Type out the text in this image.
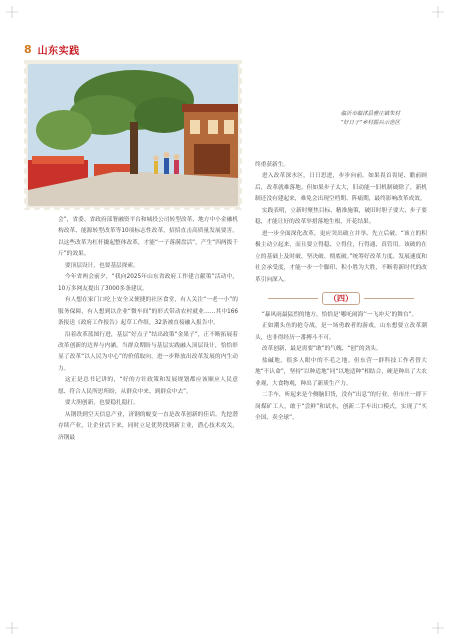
8 山东实践
临沂市临沭县曹庄镇朱村
“好日子”乡村振兴示范区

会”，省委、省政府部署融资平台和城投公司转型改革、地方中小金融机构改革、能源转型改革等10项标志性改革，招招直击高质量发展要害。以这些改革为杠杆撬起整体改革，才能“一子落满盘活”，产生“四两拨千斤”的效果。

要顶层设计，也要基层探索。

今年省两会前夕，“我向2025年山东省政府工作建言献策”活动中，10万多网友提出了3000多条建议。

有人想在家门口吃上安全又便捷的社区食堂，有人关注“一老一小”的服务保障，有人想到以企业“微车间”的形式带动农村就业……其中166条报送《政府工作报告》起草工作组，32条被直接融入报告中。

沿着改革蓝图行进，基层“好点子”结出政策“金果子”，正不断拓展着改革创新的边界与内涵。当群众期盼与基层实践融入顶层设计，恰恰彰显了改革“以人民为中心”的价值取向，进一步释放出改革发展的内生动力。

这正是总书记讲的，“好的方针政策和发展规划都应该顺应人民意愿、符合人民所思所盼，从群众中来、到群众中去”。

要大胆创新，也要稳扎稳打。

从钢铁到空天信息产业，济钢的蜕变一直是改革创新的佳话。先挖潜存续产业，让企业活下来，同时立足优势找到新主业，潜心技术攻关，济钢最

终重获新生。

进入改革深水区，日日思进，步步向前。如果畏首畏尾、瞻前顾后，改革就难落地。但如果步子太大，旧动能一旧机制破除了，新机制还没有建起来，难免会出现空档期、阵痛期，最终影响改革成效。

实践表明，立新时聚焦目标、精准施策，破旧时胆子要大、步子要稳，才能让好的改革举措落地生根、开花结果。

进一步全面深化改革，更应突出破立并举、先立后破。“该立的积极主动立起来，而且要立得稳、立得住，行得通、真管用。该破的在立的基础上及时破、坚决破、彻底破。”统筹好改革力度、发展速度和社会承受度，才能一步一个脚印、积小胜为大胜，不断将新时代的改革引向深入。

（四）

“暴风雨最猛烈的地方，恰恰是‘哪吒闹海’‘一飞冲天’的舞台”。

正如潮头鱼的抢夺战，是一场勇敢者的游戏，山东想要立改革潮头，也非得经历一番搏斗不可。

改革创新，最是需要“敢”的气魄、“创”的劲头。

盐碱地，很多人眼中的不毛之地。但东营一群科技工作者替大地“不认命”，坚持“以种适地”同“以地适种”相结合，硬是种出了大农业观、大食物观，种出了新质生产力。

二手车，听起来是个侧脑旧货，没有“出息”的行业。但市庄一群下岗煤矿工人，敢于“尝鲜”和试水，创新二手车出口模式，实现了“买全国、卖全球”。
